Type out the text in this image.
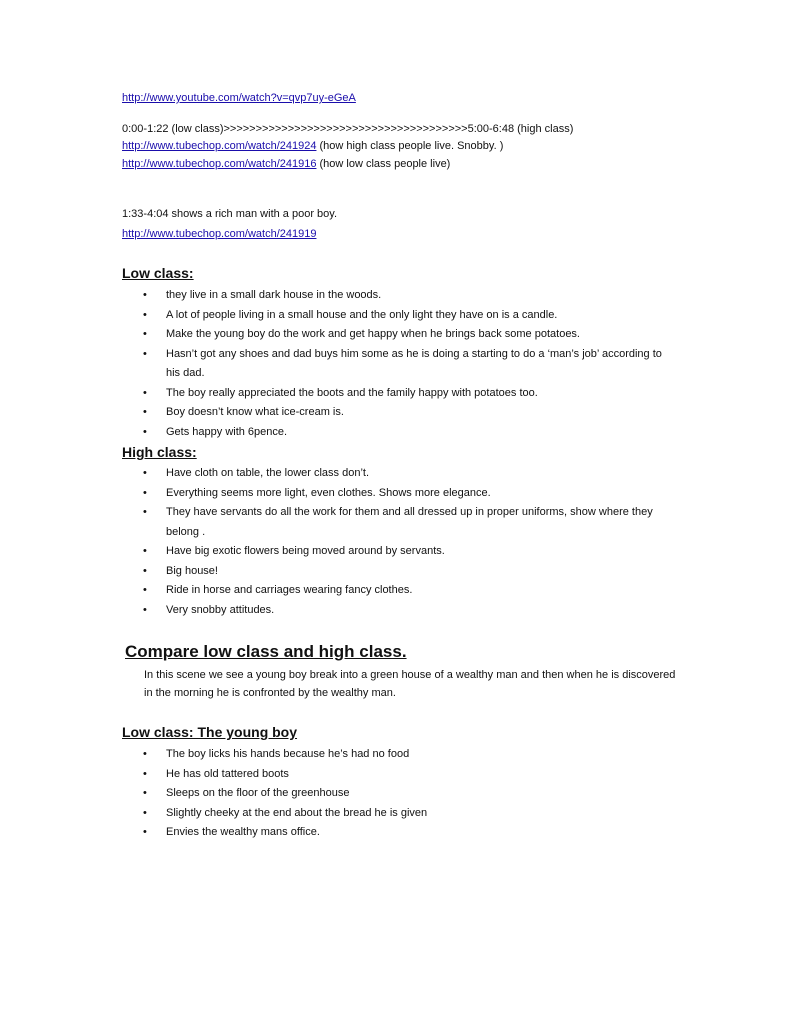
http://www.youtube.com/watch?v=qvp7uy-eGeA
0:00-1:22 (low class)>>>>>>>>>>>>>>>>>>>>>>>>>>>>>>>>>>>>>>5:00-6:48 (high class)
http://www.tubechop.com/watch/241924 (how high class people live. Snobby. )
http://www.tubechop.com/watch/241916 (how low class people live)
1:33-4:04 shows a rich man with a poor boy.
http://www.tubechop.com/watch/241919
Low class:
• they live in a small dark house in the woods.
• A lot of people living in a small house and the only light they have on is a candle.
• Make the young boy do the work and get happy when he brings back some potatoes.
• Hasn’t got any shoes and dad buys him some as he is doing a starting to do a ‘man’s job’ according to his dad.
• The boy really appreciated the boots and the family happy with potatoes too.
• Boy doesn’t know what ice-cream is.
• Gets happy with 6pence.
High class:
• Have cloth on table, the lower class don’t.
• Everything seems more light, even clothes. Shows more elegance.
• They have servants do all the work for them and all dressed up in proper uniforms, show where they belong .
• Have big exotic flowers being moved around by servants.
• Big house!
• Ride in horse and carriages wearing fancy clothes.
• Very snobby attitudes.
Compare low class and high class.
In this scene we see a young boy break into a green house of a wealthy man and then when he is discovered in the morning he is confronted by the wealthy man.
Low class: The young boy
• The boy licks his hands because he’s had no food
• He has old tattered boots
• Sleeps on the floor of the greenhouse
• Slightly cheeky at the end about the bread he is given
• Envies the wealthy mans office.
